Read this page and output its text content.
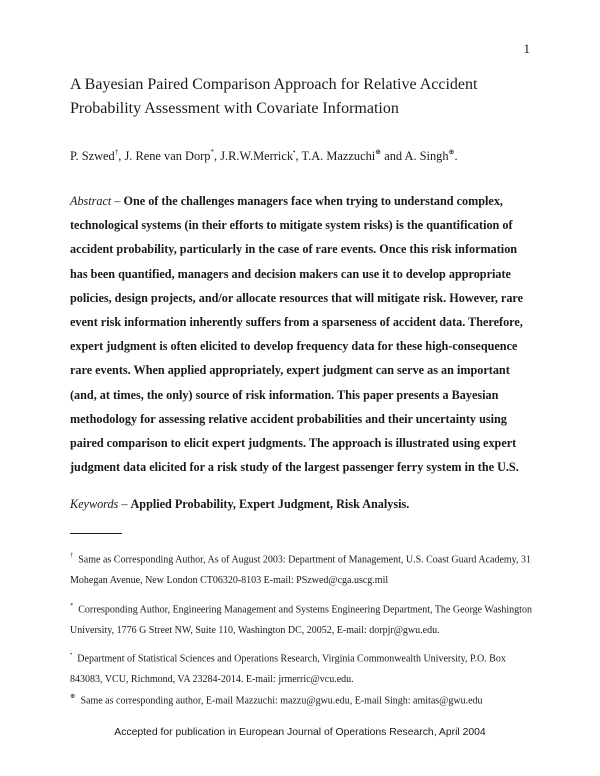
1
A Bayesian Paired Comparison Approach for Relative Accident Probability Assessment with Covariate Information
P. Szwed†, J. Rene van Dorp*, J.R.W.Merrick•, T.A. Mazzuchi⊕ and A. Singh⊕.
Abstract – One of the challenges managers face when trying to understand complex, technological systems (in their efforts to mitigate system risks) is the quantification of accident probability, particularly in the case of rare events. Once this risk information has been quantified, managers and decision makers can use it to develop appropriate policies, design projects, and/or allocate resources that will mitigate risk. However, rare event risk information inherently suffers from a sparseness of accident data. Therefore, expert judgment is often elicited to develop frequency data for these high-consequence rare events. When applied appropriately, expert judgment can serve as an important (and, at times, the only) source of risk information. This paper presents a Bayesian methodology for assessing relative accident probabilities and their uncertainty using paired comparison to elicit expert judgments. The approach is illustrated using expert judgment data elicited for a risk study of the largest passenger ferry system in the U.S.
Keywords – Applied Probability, Expert Judgment, Risk Analysis.
† Same as Corresponding Author, As of August 2003: Department of Management, U.S. Coast Guard Academy, 31 Mohegan Avenue, New London CT06320-8103 E-mail: PSzwed@cga.uscg.mil
* Corresponding Author, Engineering Management and Systems Engineering Department, The George Washington University, 1776 G Street NW, Suite 110, Washington DC, 20052, E-mail: dorpjr@gwu.edu.
• Department of Statistical Sciences and Operations Research, Virginia Commonwealth University, P.O. Box 843083, VCU, Richmond, VA 23284-2014. E-mail: jrmerric@vcu.edu.
⊕ Same as corresponding author, E-mail Mazzuchi: mazzu@gwu.edu, E-mail Singh: amitas@gwu.edu
Accepted for publication in European Journal of Operations Research, April 2004
